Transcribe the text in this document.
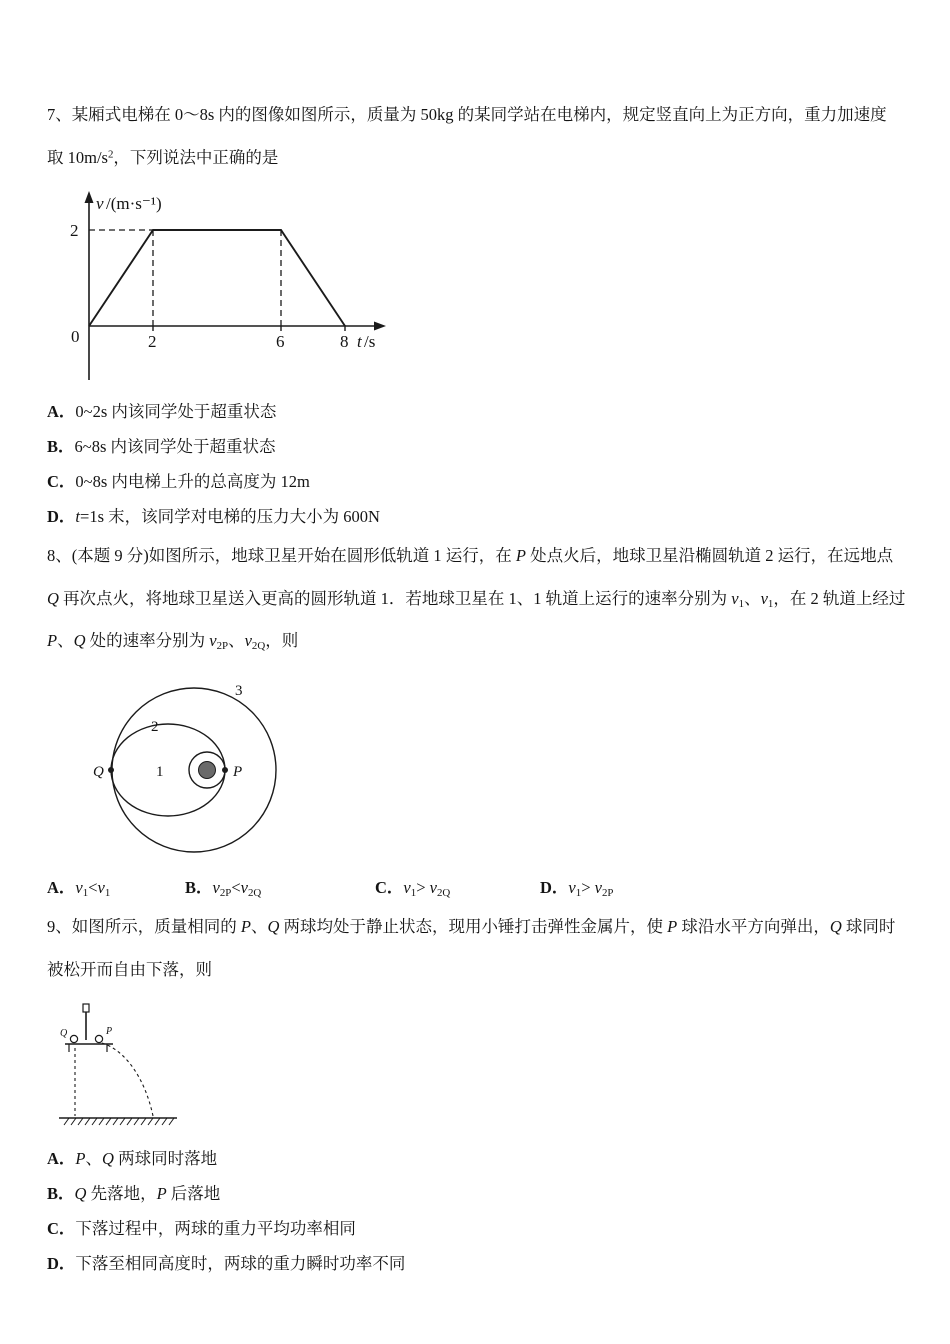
7、某厢式电梯在 0～8s 内的图像如图所示，质量为 50kg 的某同学站在电梯内，规定竖直向上为正方向，重力加速度

取 $10m/s^2$，下列说法中正确的是

v /(m·s⁻¹)
2
0	2	6	8 t /s

A．0~2s 内该同学处于超重状态

B．6~8s 内该同学处于超重状态

C．0~8s 内电梯上升的总高度为 12m

D．t=1s 末，该同学对电梯的压力大小为 600N

8、(本题 9 分)如图所示，地球卫星开始在圆形低轨道 1 运行，在 P 处点火后，地球卫星沿椭圆轨道 2 运行，在远地点

Q 再次点火，将地球卫星送入更高的圆形轨道 1．若地球卫星在 1、1 轨道上运行的速率分别为 $v_1$、$v_1$，在 2 轨道上经过

P、Q 处的速率分别为 $v_{2P}$、$v_{2Q}$，则

3
2
1
Q	P

A．$v_1<v_1$	B．$v_{2P}<v_{2Q}$	C．$v_1> v_{2Q}$	D．$v_1> v_{2P}$

9、如图所示，质量相同的 P、Q 两球均处于静止状态，现用小锤打击弹性金属片，使 P 球沿水平方向弹出，Q 球同时

被松开而自由下落，则

Q	P

A．P、Q 两球同时落地

B．Q 先落地，P 后落地

C．下落过程中，两球的重力平均功率相同

D．下落至相同高度时，两球的重力瞬时功率不同
